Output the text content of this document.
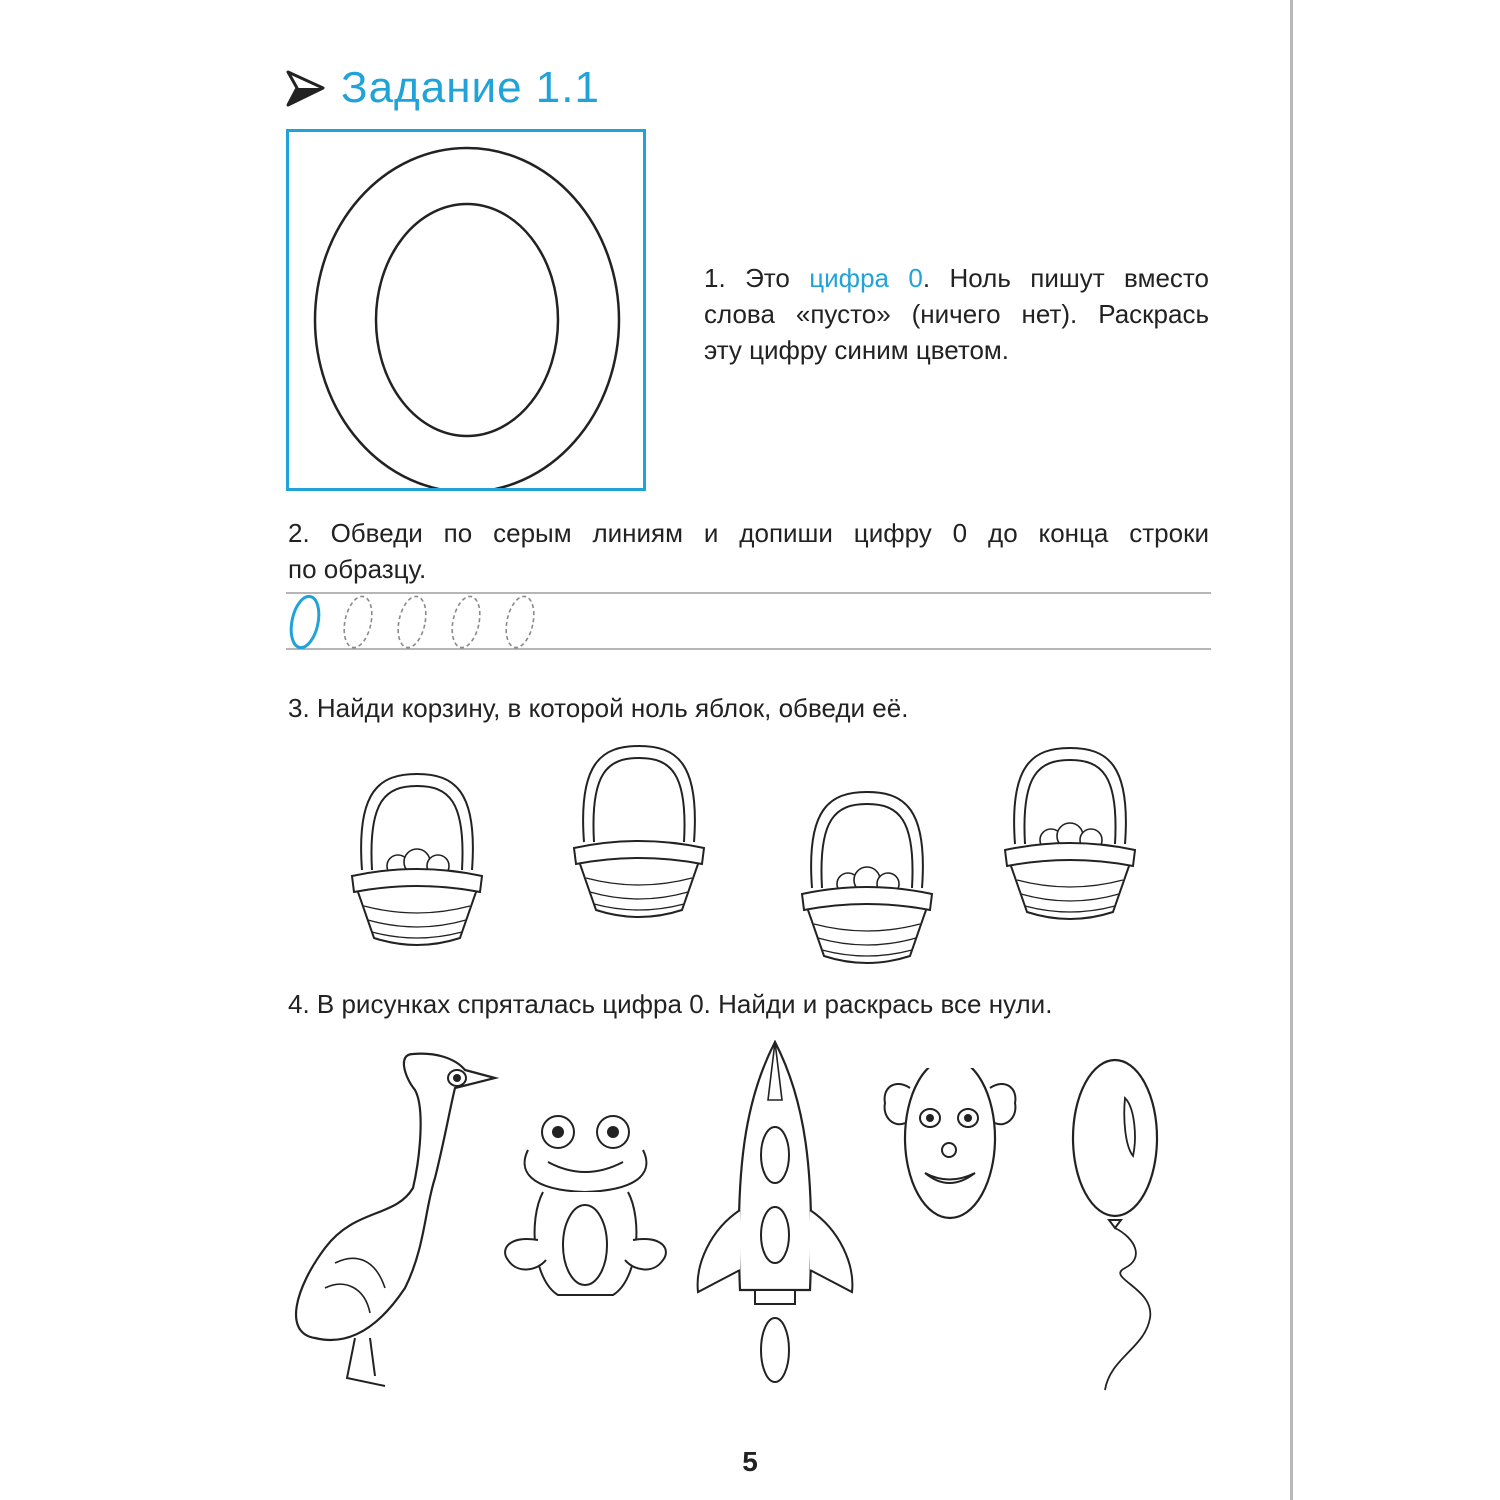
Задание 1.1
1. Это цифра 0. Ноль пишут вместо
слова «пусто» (ничего нет). Раскрась
эту цифру синим цветом.
2. Обведи по серым линиям и допиши цифру 0 до конца строки
по образцу.
3. Найди корзину, в которой ноль яблок, обведи её.
4. В рисунках спряталась цифра 0. Найди и раскрась все нули.
5
